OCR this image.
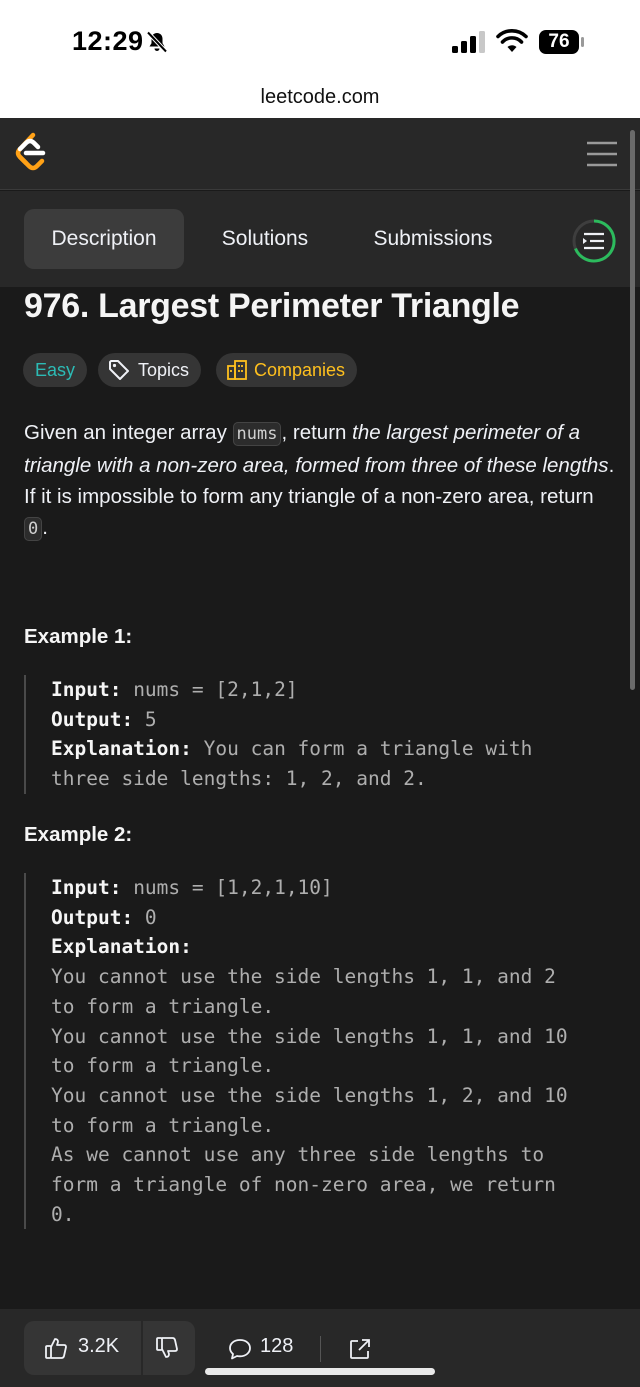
12:29	76
leetcode.com
Description	Solutions	Submissions
976. Largest Perimeter Triangle
Easy	Topics	Companies
Given an integer array nums , return the largest perimeter of a triangle with a non-zero area, formed from three of these lengths. If it is impossible to form any triangle of a non-zero area, return 0 .
Example 1:
Input: nums = [2,1,2]
Output: 5
Explanation: You can form a triangle with
three side lengths: 1, 2, and 2.
Example 2:
Input: nums = [1,2,1,10]
Output: 0
Explanation:
You cannot use the side lengths 1, 1, and 2
to form a triangle.
You cannot use the side lengths 1, 1, and 10
to form a triangle.
You cannot use the side lengths 1, 2, and 10
to form a triangle.
As we cannot use any three side lengths to
form a triangle of non-zero area, we return
0.
3.2K	128
